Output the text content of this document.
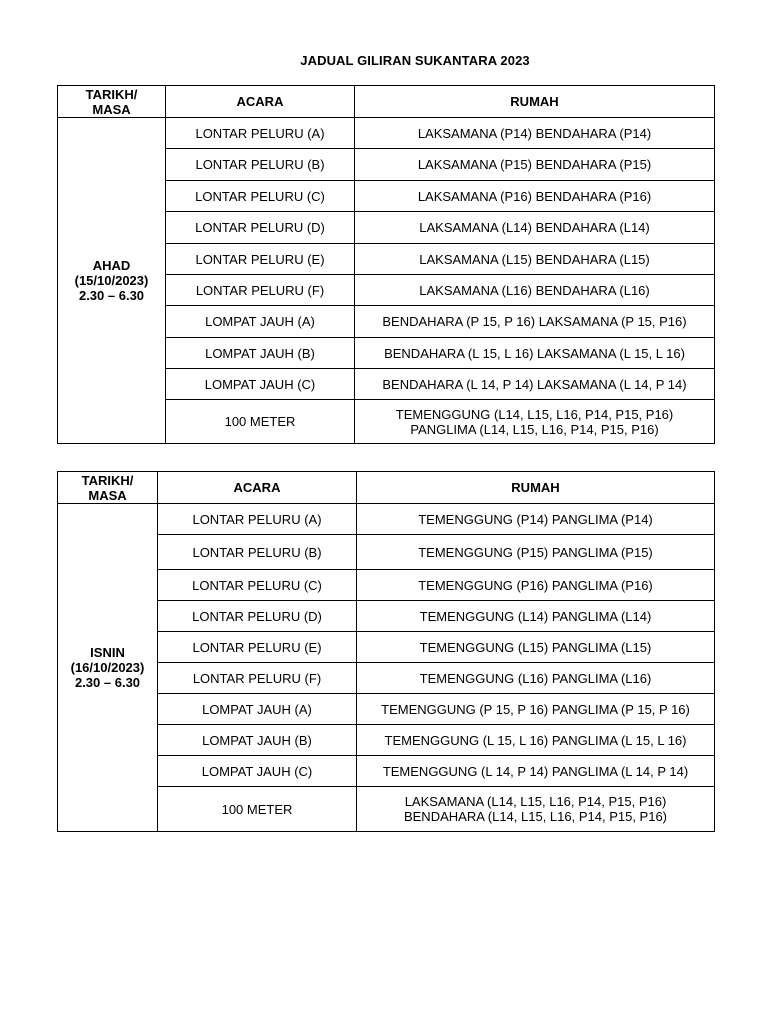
JADUAL GILIRAN SUKANTARA 2023
TARIKH/
MASA	ACARA	RUMAH

AHAD
(15/10/2023)
2.30 – 6.30	LONTAR PELURU (A)	LAKSAMANA (P14) BENDAHARA (P14)

	LONTAR PELURU (B)	LAKSAMANA (P15) BENDAHARA (P15)

	LONTAR PELURU (C)	LAKSAMANA (P16) BENDAHARA (P16)

	LONTAR PELURU (D)	LAKSAMANA (L14) BENDAHARA (L14)

	LONTAR PELURU (E)	LAKSAMANA (L15) BENDAHARA (L15)

	LONTAR PELURU (F)	LAKSAMANA (L16) BENDAHARA (L16)

	LOMPAT JAUH (A)	BENDAHARA (P 15, P 16) LAKSAMANA (P 15, P16)

	LOMPAT JAUH (B)	BENDAHARA (L 15, L 16) LAKSAMANA (L 15, L 16)

	LOMPAT JAUH (C)	BENDAHARA (L 14, P 14) LAKSAMANA (L 14, P 14)

	100 METER	TEMENGGUNG (L14, L15, L16, P14, P15, P16)
PANGLIMA (L14, L15, L16, P14, P15, P16)
TARIKH/
MASA	ACARA	RUMAH

ISNIN
(16/10/2023)
2.30 – 6.30	LONTAR PELURU (A)	TEMENGGUNG (P14) PANGLIMA (P14)

	LONTAR PELURU (B)	TEMENGGUNG (P15) PANGLIMA (P15)

	LONTAR PELURU (C)	TEMENGGUNG (P16) PANGLIMA (P16)

	LONTAR PELURU (D)	TEMENGGUNG (L14) PANGLIMA (L14)

	LONTAR PELURU (E)	TEMENGGUNG (L15) PANGLIMA (L15)

	LONTAR PELURU (F)	TEMENGGUNG (L16) PANGLIMA (L16)

	LOMPAT JAUH (A)	TEMENGGUNG (P 15, P 16) PANGLIMA (P 15, P 16)

	LOMPAT JAUH (B)	TEMENGGUNG (L 15, L 16) PANGLIMA (L 15, L 16)

	LOMPAT JAUH (C)	TEMENGGUNG (L 14, P 14) PANGLIMA (L 14, P 14)

	100 METER	LAKSAMANA (L14, L15, L16, P14, P15, P16)
BENDAHARA (L14, L15, L16, P14, P15, P16)
